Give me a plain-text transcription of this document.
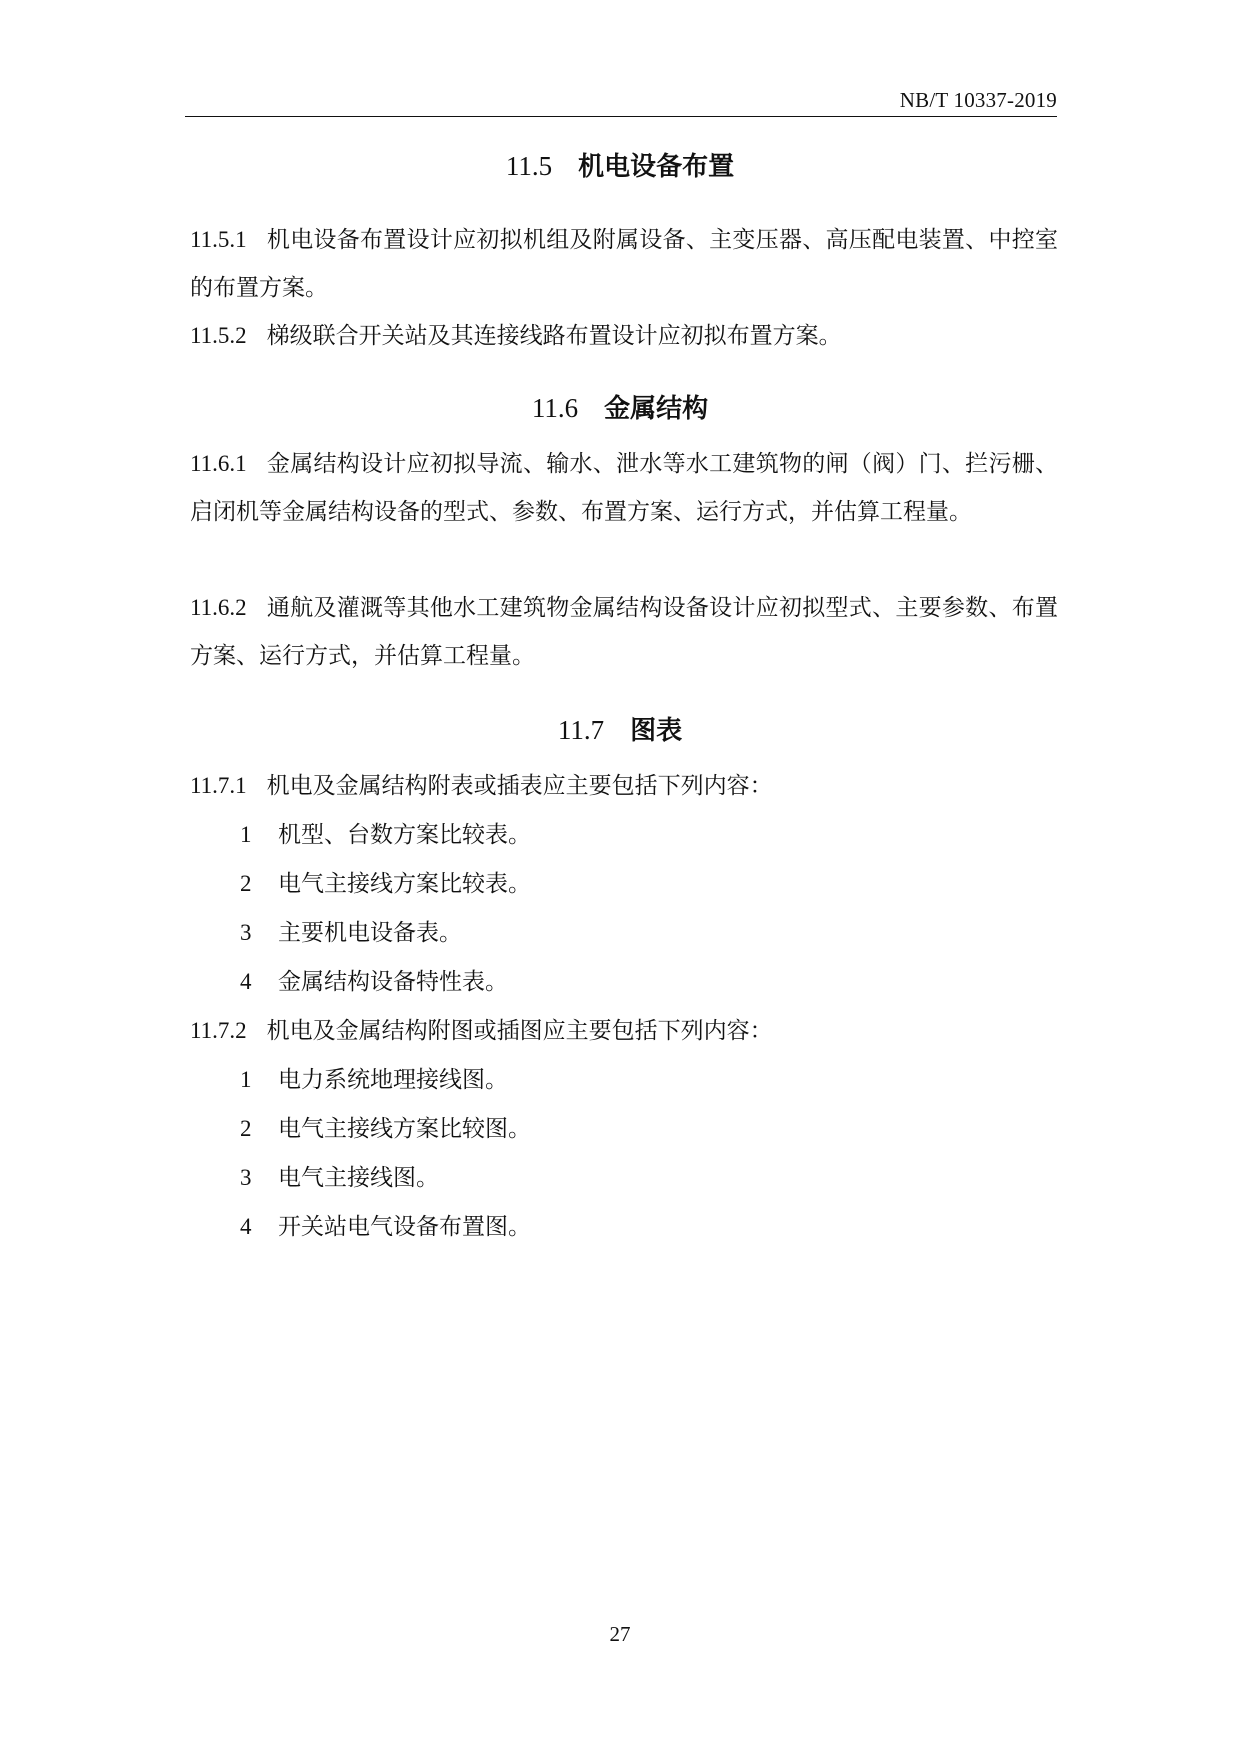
NB/T 10337-2019
11.5 机电设备布置
11.5.1 机电设备布置设计应初拟机组及附属设备、主变压器、高压配电装置、中控室的布置方案。
11.5.2 梯级联合开关站及其连接线路布置设计应初拟布置方案。
11.6 金属结构
11.6.1 金属结构设计应初拟导流、输水、泄水等水工建筑物的闸（阀）门、拦污栅、启闭机等金属结构设备的型式、参数、布置方案、运行方式，并估算工程量。
11.6.2 通航及灌溉等其他水工建筑物金属结构设备设计应初拟型式、主要参数、布置方案、运行方式，并估算工程量。
11.7 图表
11.7.1 机电及金属结构附表或插表应主要包括下列内容：
1 机型、台数方案比较表。
2 电气主接线方案比较表。
3 主要机电设备表。
4 金属结构设备特性表。
11.7.2 机电及金属结构附图或插图应主要包括下列内容：
1 电力系统地理接线图。
2 电气主接线方案比较图。
3 电气主接线图。
4 开关站电气设备布置图。
27
